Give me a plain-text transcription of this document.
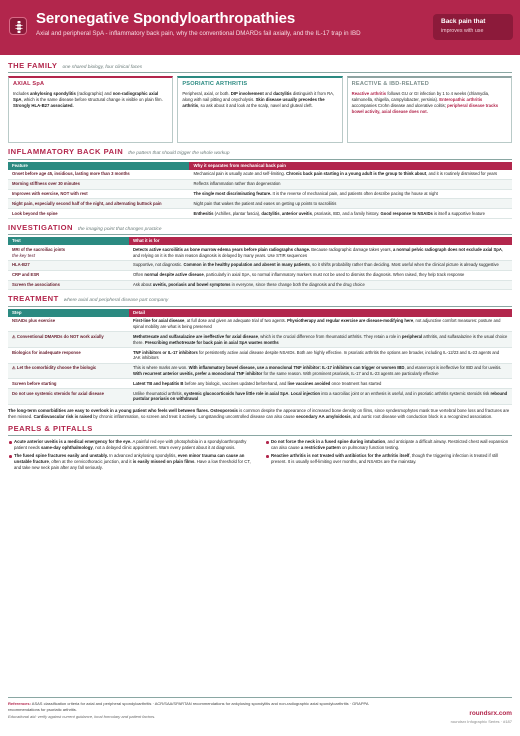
Seronegative Spondyloarthropathies
Axial and peripheral SpA - inflammatory back pain, why the conventional DMARDs fail axially, and the IL-17 trap in IBD
Back pain that
improves with use
THE FAMILY one shared biology, four clinical faces
AXIAL SpA

Includes ankylosing spondylitis (radiographic) and non-radiographic axial SpA, which is the same disease before structural change is visible on plain film. Strongly HLA-B27 associated.

PSORIATIC ARTHRITIS

Peripheral, axial, or both. DIP involvement and dactylitis distinguish it from RA, along with nail pitting and onycholysis. Skin disease usually precedes the arthritis, so ask about it and look at the scalp, navel and gluteal cleft.

REACTIVE & IBD-RELATED

Reactive arthritis follows GU or GI infection by 1 to 4 weeks (chlamydia, salmonella, shigella, campylobacter, yersinia). Enteropathic arthritis accompanies Crohn disease and ulcerative colitis; peripheral disease tracks bowel activity, axial disease does not.

INFLAMMATORY BACK PAIN the pattern that should trigger the whole workup
Feature	Why it separates from mechanical back pain
Onset before age 45, insidious, lasting more than 3 months	Mechanical pain is usually acute and self-limiting. Chronic back pain starting in a young adult is the group to think about, and it is routinely dismissed for years
Morning stiffness over 30 minutes	Reflects inflammation rather than degeneration
Improves with exercise, NOT with rest	The single most discriminating feature. It is the reverse of mechanical pain, and patients often describe pacing the house at night
Night pain, especially second half of the night, and alternating buttock pain	Night pain that wakes the patient and eases on getting up points to sacroiliitis
Look beyond the spine	Enthesitis (Achilles, plantar fascia), dactylitis, anterior uveitis, psoriasis, IBD, and a family history. Good response to NSAIDs is itself a supportive feature
INVESTIGATION the imaging point that changes practice
Test	What it is for
MRI of the sacroiliac joints
the key test	Detects active sacroiliitis as bone marrow edema years before plain radiographs change. Because radiographic damage takes years, a normal pelvic radiograph does not exclude axial SpA, and relying on it is the main reason diagnosis is delayed by many years. Use STIR sequences
HLA-B27	Supportive, not diagnostic. Common in the healthy population and absent in many patients, so it shifts probability rather than deciding. Most useful when the clinical picture is already suggestive
CRP and ESR	Often normal despite active disease, particularly in axial SpA, so normal inflammatory markers must not be used to dismiss the diagnosis. When raised, they help track response
Screen the associations	Ask about uveitis, psoriasis and bowel symptoms in everyone, since these change both the diagnosis and the drug choice
TREATMENT where axial and peripheral disease part company
Step	Detail
NSAIDs plus exercise	First-line for axial disease, at full dose and given an adequate trial of two agents. Physiotherapy and regular exercise are disease-modifying here, not adjunctive comfort measures: posture and spinal mobility are what is being preserved
⚠ Conventional DMARDs do NOT work axially	Methotrexate and sulfasalazine are ineffective for axial disease, which is the crucial difference from rheumatoid arthritis. They retain a role in peripheral arthritis, and sulfasalazine is the usual choice there. Prescribing methotrexate for back pain in axial SpA wastes months
Biologics for inadequate response	TNF inhibitors or IL-17 inhibitors for persistently active axial disease despite NSAIDs. Both are highly effective. In psoriatic arthritis the options are broader, including IL-12/23 and IL-23 agents and JAK inhibitors
⚠ Let the comorbidity choose the biologic	This is where marks are won. With inflammatory bowel disease, use a monoclonal TNF inhibitor: IL-17 inhibitors can trigger or worsen IBD, and etanercept is ineffective for IBD and for uveitis. With recurrent anterior uveitis, prefer a monoclonal TNF inhibitor for the same reason. With prominent psoriasis, IL-17 and IL-23 agents are particularly effective
Screen before starting	Latent TB and hepatitis B before any biologic, vaccines updated beforehand, and live vaccines avoided once treatment has started
Do not use systemic steroids for axial disease	Unlike rheumatoid arthritis, systemic glucocorticoids have little role in axial SpA. Local injection into a sacroiliac joint or an enthesis is useful, and in psoriatic arthritis systemic steroids risk rebound pustular psoriasis on withdrawal

The long-term comorbidities are easy to overlook in a young patient who feels well between flares. Osteoporosis is common despite the appearance of increased bone density on films, since syndesmophytes mask true vertebral bone loss and fractures are then missed. Cardiovascular risk is raised by chronic inflammation, so screen and treat it actively. Longstanding uncontrolled disease can also cause secondary AA amyloidosis, and aortic root disease with conduction block is a recognized association.

PEARLS & PITFALLS
Acute anterior uveitis is a medical emergency for the eye. A painful red eye with photophobia in a spondyloarthropathy patient needs same-day ophthalmology, not a delayed clinic appointment. Warn every patient about it at diagnosis.
The fused spine fractures easily and unstably. In advanced ankylosing spondylitis, even minor trauma can cause an unstable fracture, often at the cervicothoracic junction, and it is easily missed on plain films. Have a low threshold for CT, and take new neck pain after any fall seriously.
Do not force the neck in a fused spine during intubation, and anticipate a difficult airway. Restricted chest wall expansion can also cause a restrictive pattern on pulmonary function testing.
Reactive arthritis is not treated with antibiotics for the arthritis itself, though the triggering infection is treated if still present. It is usually self-limiting over months, and NSAIDs are the mainstay.
References: ASAS classification criteria for axial and peripheral spondyloarthritis · ACR/SAA/SPARTAN recommendations for ankylosing spondylitis and non-radiographic axial spondyloarthritis · GRAPPA recommendations for psoriatic arthritis.
Educational aid: verify against current guidance, local formulary and patient factors.	roundsrx.com
roundsrx Infographic Series · #187
